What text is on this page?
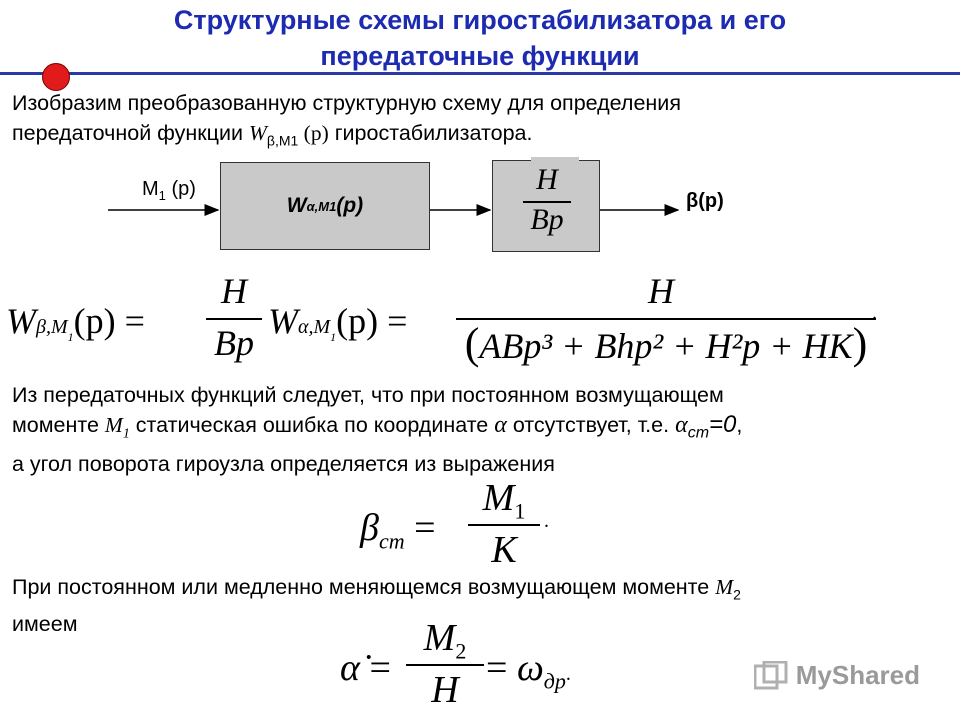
Структурные схемы гиростабилизатора и его
передаточные функции
Изобразим преобразованную структурную схему для определения
передаточной функции $W_{\beta,M1}$ (p) гиростабилизатора.
$M_1$ (p)
W α,M1 (p)
H
Bp
β(p)
$W\beta,M_1(p)$ =
H
Bp
$W\alpha,M_1(p)$ =
H
(ABp³ + Bhp² + H²p + HK)
.
Из передаточных функций следует, что при постоянном возмущающем
моменте $M_1$ статическая ошибка по координате α отсутствует, т.е. $\alpha_{cm}=0$,
а угол поворота гироузла определяется из выражения
$\beta_{cm}$ =
$M_1$
K
.
При постоянном или медленно меняющемся возмущающем моменте $M_2$
имеем
α̇ =
$M_2$
H
= $\omega_{др}$.	MyShared
